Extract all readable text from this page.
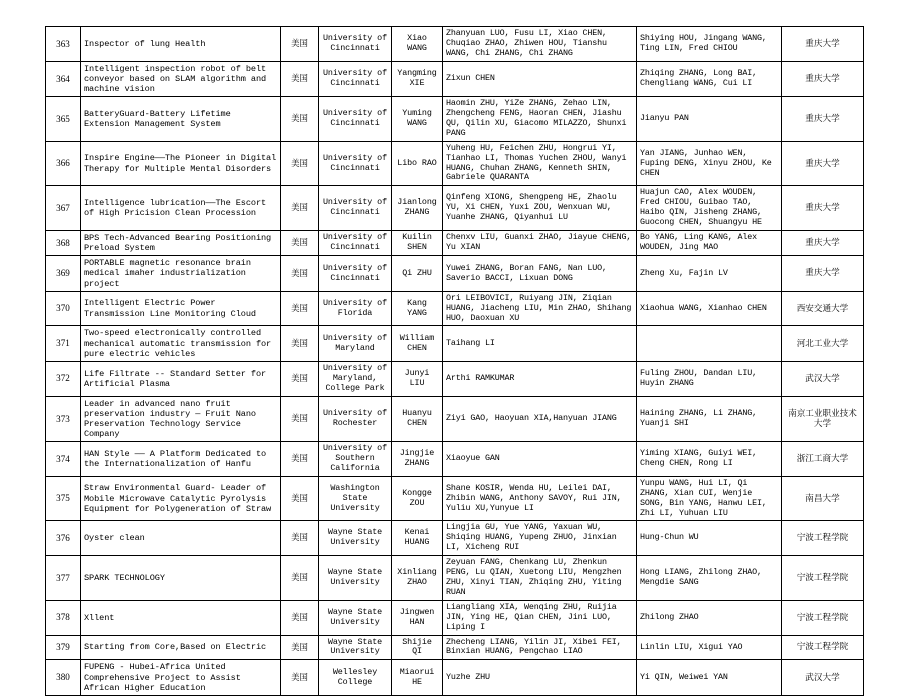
363	Inspector of lung Health	美国	University of Cincinnati	Xiao WANG	Zhanyuan LUO, Fusu LI, Xiao CHEN, Chuqiao ZHAO, Zhiwen HOU, Tianshu WANG, Chi ZHANG, Chi ZHANG	Shiying HOU, Jingang WANG, Ting LIN, Fred CHIOU	重庆大学
364	Intelligent inspection robot of belt conveyor based on SLAM algorithm and machine vision	美国	University of Cincinnati	Yangming XIE	Zixun CHEN	Zhiqing ZHANG, Long BAI, Chengliang WANG, Cui LI	重庆大学
365	BatteryGuard-Battery Lifetime Extension Management System	美国	University of Cincinnati	Yuming WANG	Haomin ZHU, YiZe ZHANG, Zehao LIN, Zhengcheng FENG, Haoran CHEN, Jiashu QU, Qilin XU, Giacomo MILAZZO, Shunxi PANG	Jianyu PAN	重庆大学
366	Inspire Engine——The Pioneer in Digital Therapy for Multiple Mental Disorders	美国	University of Cincinnati	Libo RAO	Yuheng HU, Feichen ZHU, Hongrui YI, Tianhao LI, Thomas Yuchen ZHOU, Wanyi HUANG, Chuhan ZHANG, Kenneth SHIN, Gabriele QUARANTA	Yan JIANG, Junhao WEN, Fuping DENG, Xinyu ZHOU, Ke CHEN	重庆大学
367	Intelligence lubrication——The Escort of High Pricision Clean Procession	美国	University of Cincinnati	Jianlong ZHANG	Qinfeng XIONG, Shengpeng HE, Zhaolu YU, Xi CHEN, Yuxi ZOU, Wenxuan WU, Yuanhe ZHANG, Qiyanhui LU	Huajun CAO, Alex WOUDEN, Fred CHIOU, Guibao TAO, Haibo QIN, Jisheng ZHANG, Guocong CHEN, Shuangyu HE	重庆大学
368	BPS Tech-Advanced Bearing Positioning Preload System	美国	University of Cincinnati	Kuilin SHEN	Chenxv LIU, Guanxi ZHAO, Jiayue CHENG, Yu XIAN	Bo YANG, Ling KANG, Alex WOUDEN, Jing MAO	重庆大学
369	PORTABLE magnetic resonance brain medical imaher industrialization project	美国	University of Cincinnati	Qi ZHU	Yuwei ZHANG, Boran FANG, Nan LUO, Saverio BACCI, Lixuan DONG	Zheng Xu, Fajin LV	重庆大学
370	Intelligent Electric Power Transmission Line Monitoring Cloud	美国	University of Florida	Kang YANG	Ori LEIBOVICI, Ruiyang JIN, Ziqian HUANG, Jiacheng LIU, Min ZHAO, Shihang HUO, Daoxuan XU	Xiaohua WANG, Xianhao CHEN	西安交通大学
371	Two-speed electronically controlled mechanical automatic transmission for pure electric vehicles	美国	University of Maryland	William CHEN	Taihang LI		河北工业大学
372	Life Filtrate -- Standard Setter for Artificial Plasma	美国	University of Maryland, College Park	Junyi LIU	Arthi RAMKUMAR	Fuling ZHOU, Dandan LIU, Huyin ZHANG	武汉大学
373	Leader in advanced nano fruit preservation industry — Fruit Nano Preservation Technology Service Company	美国	University of Rochester	Huanyu CHEN	Ziyi GAO, Haoyuan XIA,Hanyuan JIANG	Haining ZHANG, Li ZHANG, Yuanji SHI	南京工业职业技术大学
374	HAN Style —— A Platform Dedicated to the Internationalization of Hanfu	美国	University of Southern California	Jingjie ZHANG	Xiaoyue GAN	Yiming XIANG, Guiyi WEI, Cheng CHEN, Rong LI	浙江工商大学
375	Straw Environmental Guard- Leader of Mobile Microwave Catalytic Pyrolysis Equipment for Polygeneration of Straw	美国	Washington State University	Kongge ZOU	Shane KOSIR, Wenda HU, Leilei DAI, Zhibin WANG, Anthony SAVOY, Rui JIN, Yuliu XU,Yunyue LI	Yunpu WANG, Hui LI, Qi ZHANG, Xian CUI, Wenjie SONG, Bin YANG, Hanwu LEI, Zhi LI, Yuhuan LIU	南昌大学
376	Oyster clean	美国	Wayne State University	Kenai HUANG	Lingjia GU, Yue YANG, Yaxuan WU, Shiqing HUANG, Yupeng ZHUO, Jinxian LI, Xicheng RUI	Hung-Chun WU	宁波工程学院
377	SPARK TECHNOLOGY	美国	Wayne State University	Xinliang ZHAO	Zeyuan FANG, Chenkang LU, Zhenkun PENG, Lu QIAN, Xuetong LIU, Mengzhen ZHU, Xinyi TIAN, Zhiqing ZHU, Yiting RUAN	Hong LIANG, Zhilong ZHAO, Mengdie SANG	宁波工程学院
378	Xllent	美国	Wayne State University	Jingwen HAN	Liangliang XIA, Wenqing ZHU, Ruijia JIN, Ying HE, Qian CHEN, Jini LUO, Liping I	Zhilong ZHAO	宁波工程学院
379	Starting from Core,Based on Electric	美国	Wayne State University	Shijie QI	Zhecheng LIANG, Yilin JI, Xibei FEI, Binxian HUANG, Pengchao LIAO	Linlin LIU, Xigui YAO	宁波工程学院
380	FUPENG - Hubei-Africa United Comprehensive Project to Assist African Higher Education	美国	Wellesley College	Miaorui HE	Yuzhe ZHU	Yi QIN, Weiwei YAN	武汉大学
